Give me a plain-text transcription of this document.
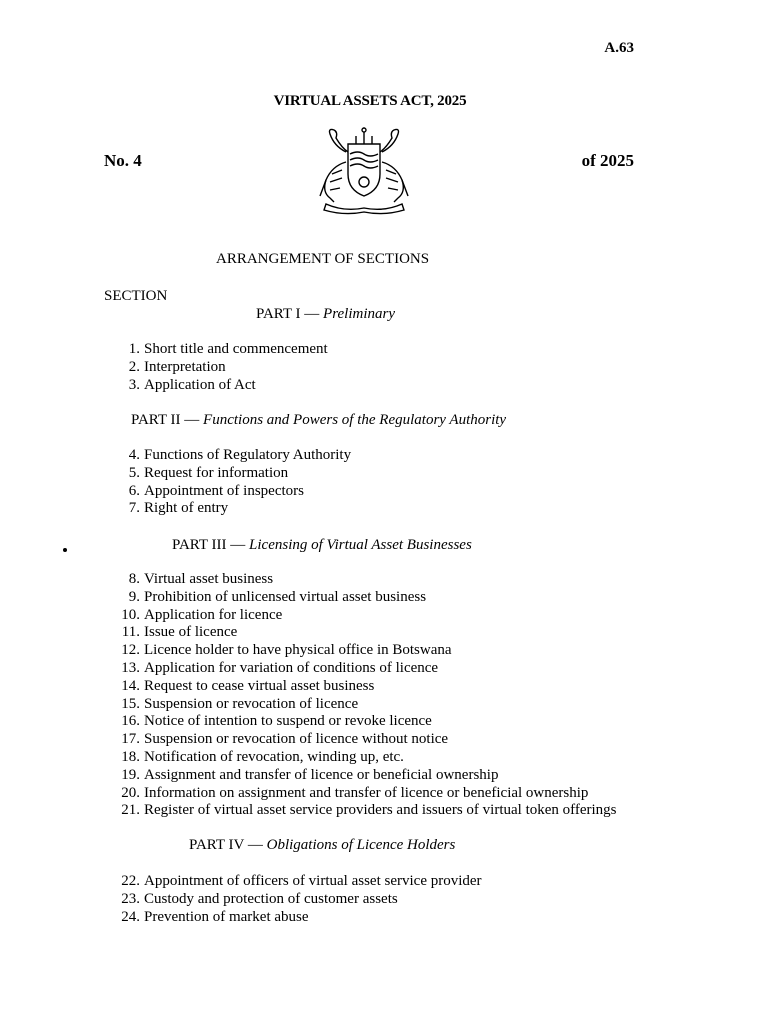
A.63
VIRTUAL ASSETS ACT, 2025
No. 4	of 2025
ARRANGEMENT OF SECTIONS
SECTION
PART I — Preliminary
1. Short title and commencement
2. Interpretation
3. Application of Act
PART II — Functions and Powers of the Regulatory Authority
4. Functions of Regulatory Authority
5. Request for information
6. Appointment of inspectors
7. Right of entry
PART III — Licensing of Virtual Asset Businesses
8. Virtual asset business
9. Prohibition of unlicensed virtual asset business
10. Application for licence
11. Issue of licence
12. Licence holder to have physical office in Botswana
13. Application for variation of conditions of licence
14. Request to cease virtual asset business
15. Suspension or revocation of licence
16. Notice of intention to suspend or revoke licence
17. Suspension or revocation of licence without notice
18. Notification of revocation, winding up, etc.
19. Assignment and transfer of licence or beneficial ownership
20. Information on assignment and transfer of licence or beneficial ownership
21. Register of virtual asset service providers and issuers of virtual token offerings
PART IV — Obligations of Licence Holders
22. Appointment of officers of virtual asset service provider
23. Custody and protection of customer assets
24. Prevention of market abuse
